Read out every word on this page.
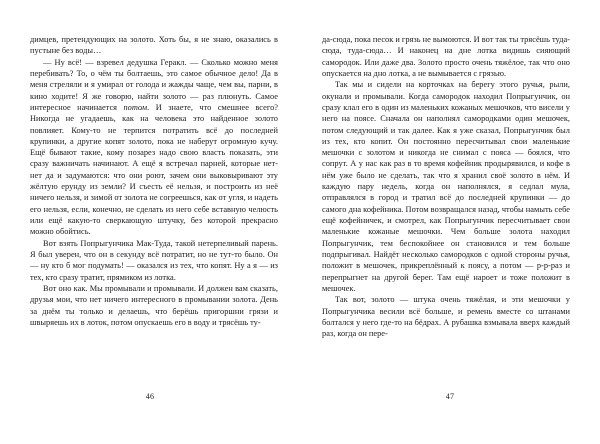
димцев, претендующих на золото. Хоть бы, я не знаю, оказались в пустыне без воды…

— Ну всё! — взревел дедушка Геракл. — Сколько можно меня перебивать? То, о чём ты болтаешь, это самое обычное дело! Да в меня стреляли и я умирал от голода и жажды чаще, чем вы, парни, в кино ходите! Я же говорю, найти золото — раз плюнуть. Самое интересное начинается потом. И знаете, что смешнее всего? Никогда не угадаешь, как на человека это найденное золото повлияет. Кому-то не терпится потратить всё до последней крупинки, а другие копят золото, пока не наберут огромную кучу. Ещё бывают такие, кому позарез надо свою власть показать, эти сразу важничать начинают. А ещё я встречал парней, которые нет-нет да и задумаются: что они роют, зачем они выковыривают эту жёлтую ерунду из земли? И съесть её нельзя, и построить из неё ничего нельзя, и зимой от золота не согреешься, как от угля, и надеть его нельзя, если, конечно, не сделать из него себе вставную челюсть или ещё какую-то сверкающую штучку, без которой прекрасно можно обойтись.

Вот взять Попрыгунчика Мак-Туда, такой нетерпеливый парень. Я был уверен, что он в секунду всё потратит, но не тут-то было. Он — ну кто б мог подумать! — оказался из тех, что копят. Ну а я — из тех, кто сразу тратит, прямиком из лотка.

Вот оно как. Мы промывали и промывали. И должен вам сказать, друзья мои, что нет ничего интересного в промывании золота. День за днём ты только и делаешь, что берёшь пригоршни грязи и швыряешь их в лоток, потом опускаешь его в воду и трясёшь ту-

46

да-сюда, пока песок и грязь не вымоются. И вот так ты трясёшь туда-сюда, туда-сюда… И наконец на дне лотка видишь сияющий самородок. Или даже два. Золото просто очень тяжёлое, так что оно опускается на дно лотка, а не вымывается с грязью.

Так мы и сидели на корточках на берегу этого ручья, рыли, окунали и промывали. Когда самородок находил Попрыгунчик, он сразу клал его в один из маленьких кожаных мешочков, что висели у него на поясе. Сначала он наполнял самородками один мешочек, потом следующий и так далее. Как я уже сказал, Попрыгунчик был из тех, кто копит. Он постоянно пересчитывал свои маленькие мешочки с золотом и никогда не снимал с пояса — боялся, что сопрут. А у нас как раз в то время кофейник продырявился, и кофе в нём уже было не сделать, так что я хранил своё золото в нём. И каждую пару недель, когда он наполнялся, я седлал мула, отправлялся в город и тратил всё до последней крупинки — до самого дна кофейника. Потом возвращался назад, чтобы намыть себе ещё кофейничек, и смотрел, как Попрыгунчик пересчитывает свои маленькие кожаные мешочки. Чем больше золота находил Попрыгунчик, тем беспокойнее он становился и тем больше подпрыгивал. Найдёт несколько самородков с одной стороны ручья, положит в мешочек, прикреплённый к поясу, а потом — р-р-раз и перепрыгнет на другой берег. Там ещё нароет и тоже положит в мешочек.

Так вот, золото — штука очень тяжёлая, и эти мешочки у Попрыгунчика весили всё больше, и ремень вместе со штанами болтался у него где-то на бёдрах. А рубашка взмывала вверх каждый раз, когда он пере-

47
